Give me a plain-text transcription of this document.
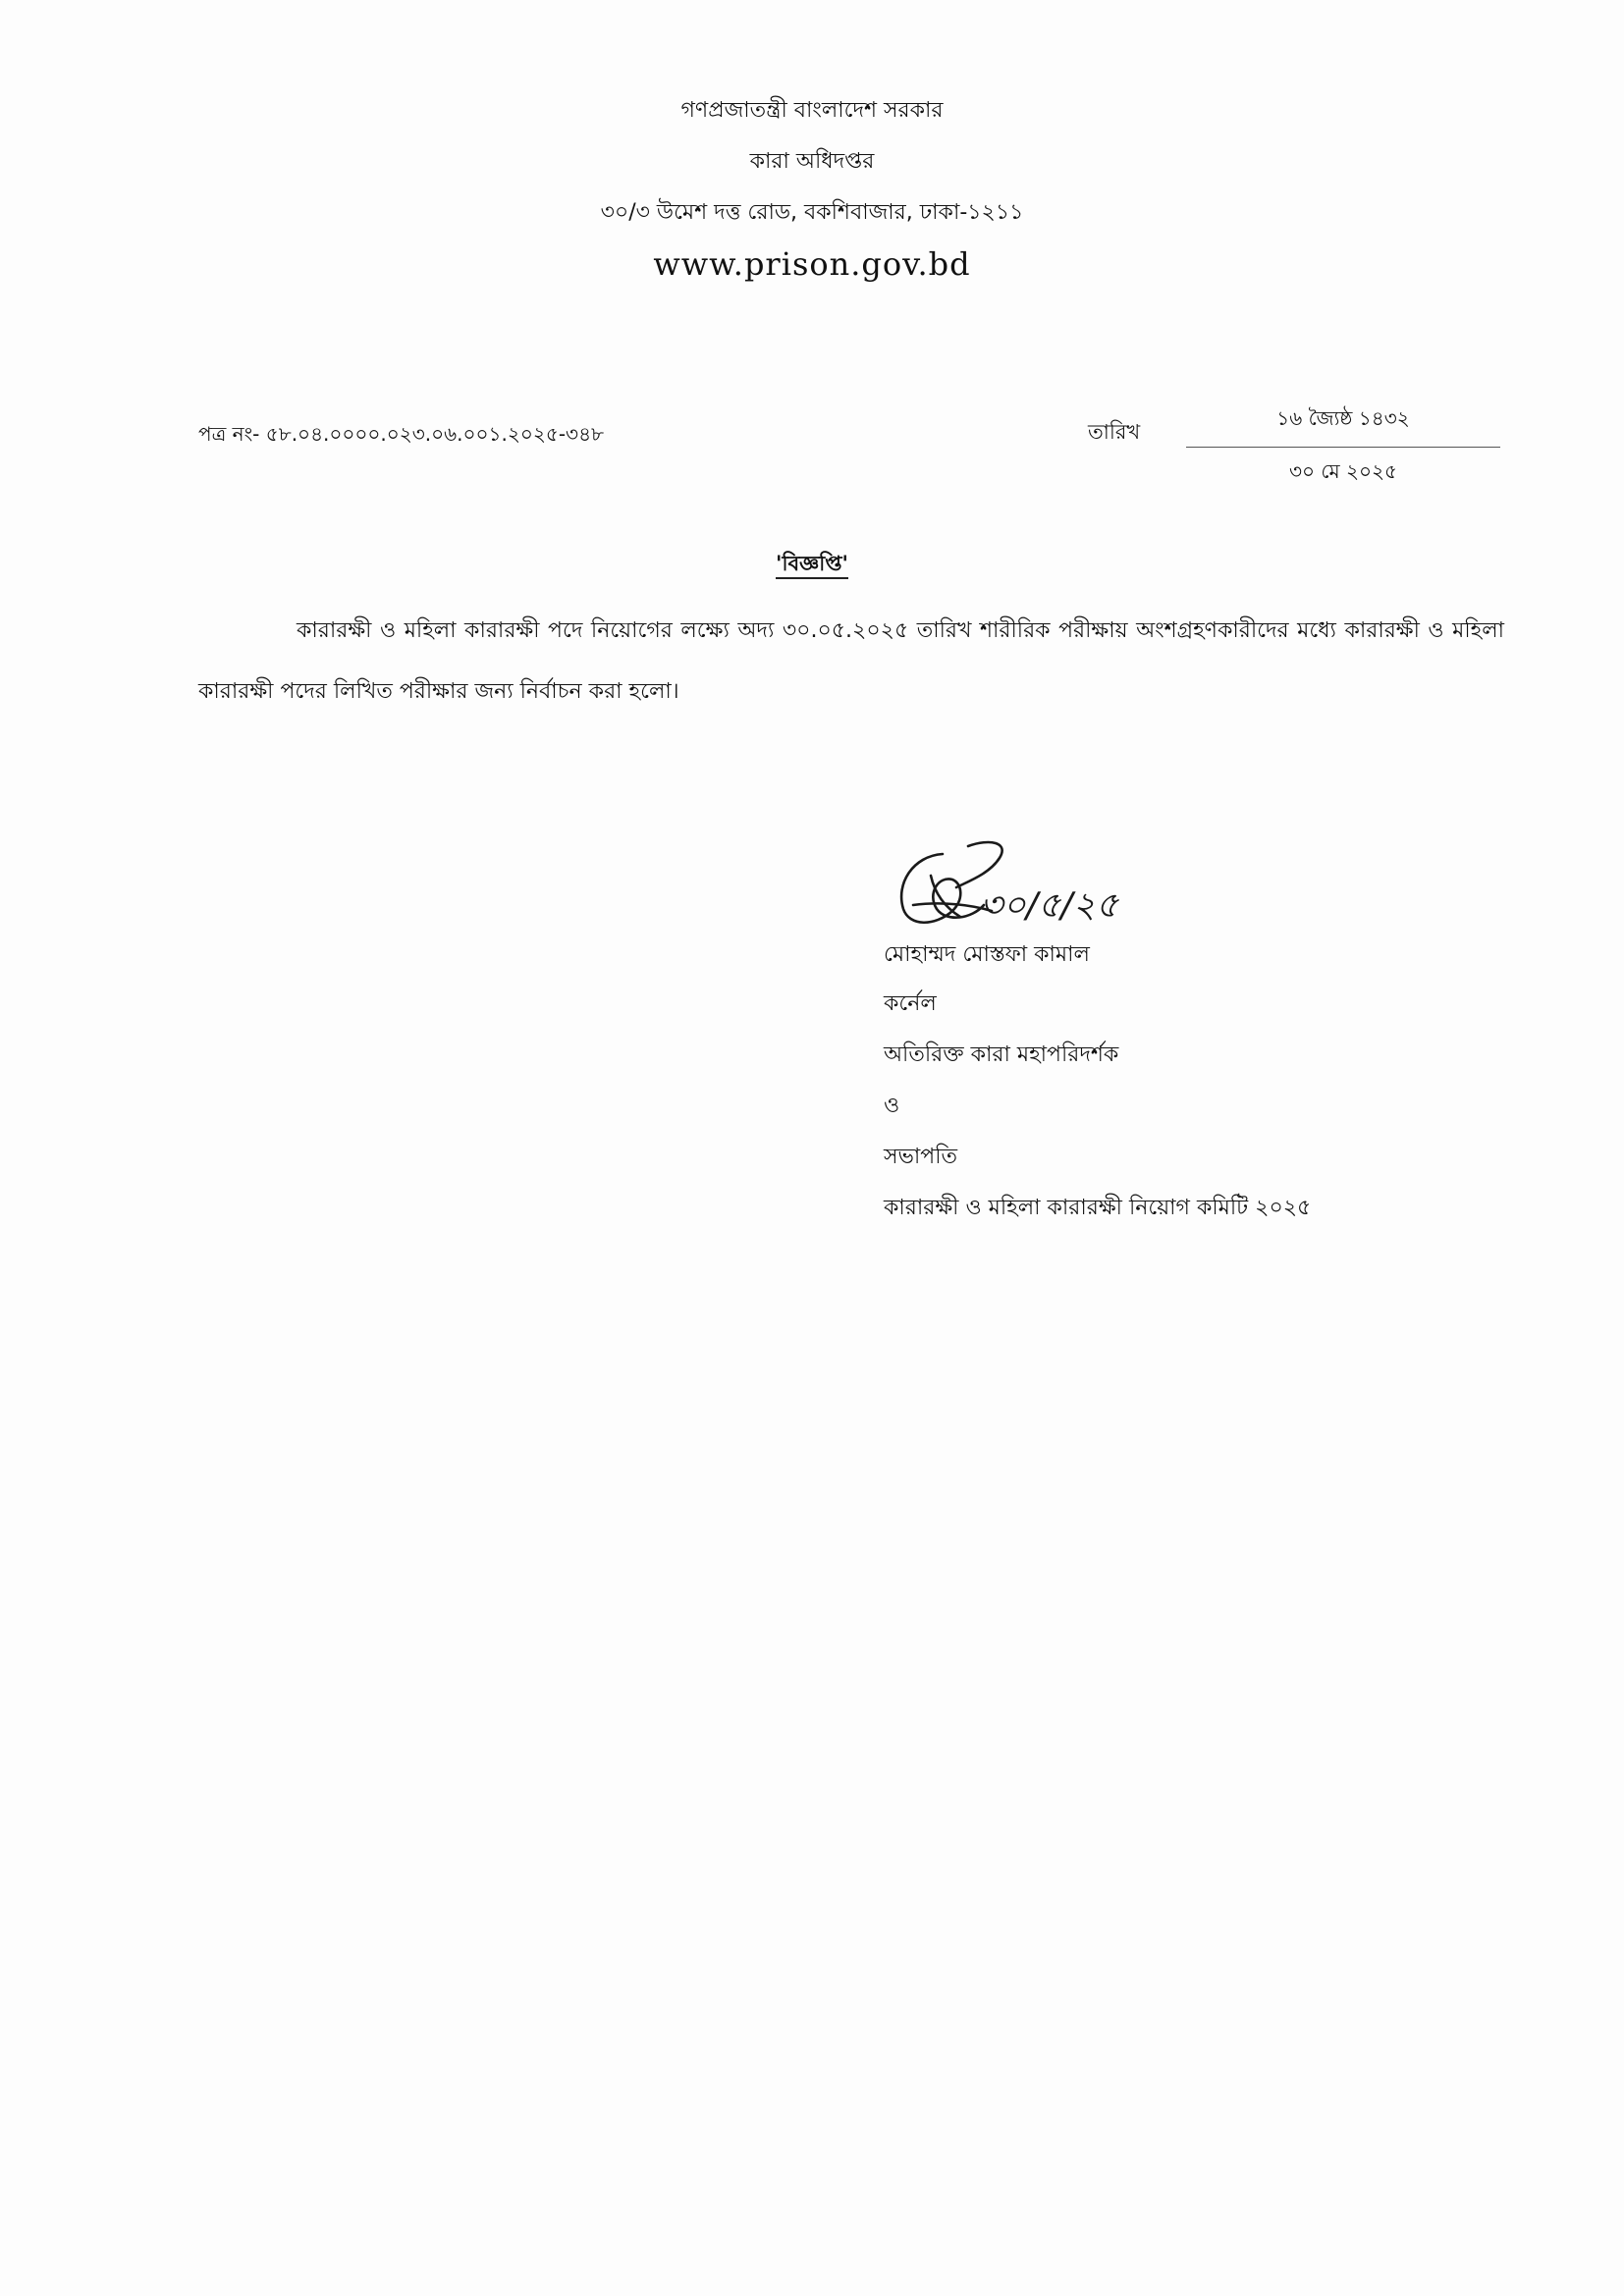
গণপ্রজাতন্ত্রী বাংলাদেশ সরকার
কারা অধিদপ্তর
৩০/৩ উমেশ দত্ত রোড, বকশিবাজার, ঢাকা-১২১১
www.prison.gov.bd
পত্র নং- ৫৮.০৪.০০০০.০২৩.০৬.০০১.২০২৫-৩৪৮	তারিখ
১৬ জ্যৈষ্ঠ ১৪৩২
৩০ মে ২০২৫
'বিজ্ঞপ্তি'
কারারক্ষী ও মহিলা কারারক্ষী পদে নিয়োগের লক্ষ্যে অদ্য ৩০.০৫.২০২৫ তারিখ শারীরিক পরীক্ষায় অংশগ্রহণকারীদের মধ্যে কারারক্ষী ও মহিলা কারারক্ষী পদের লিখিত পরীক্ষার জন্য নির্বাচন করা হলো।
৩০/৫/২৫
মোহাম্মদ মোস্তফা কামাল
কর্নেল
অতিরিক্ত কারা মহাপরিদর্শক
ও
সভাপতি
কারারক্ষী ও মহিলা কারারক্ষী নিয়োগ কমিটি ২০২৫
